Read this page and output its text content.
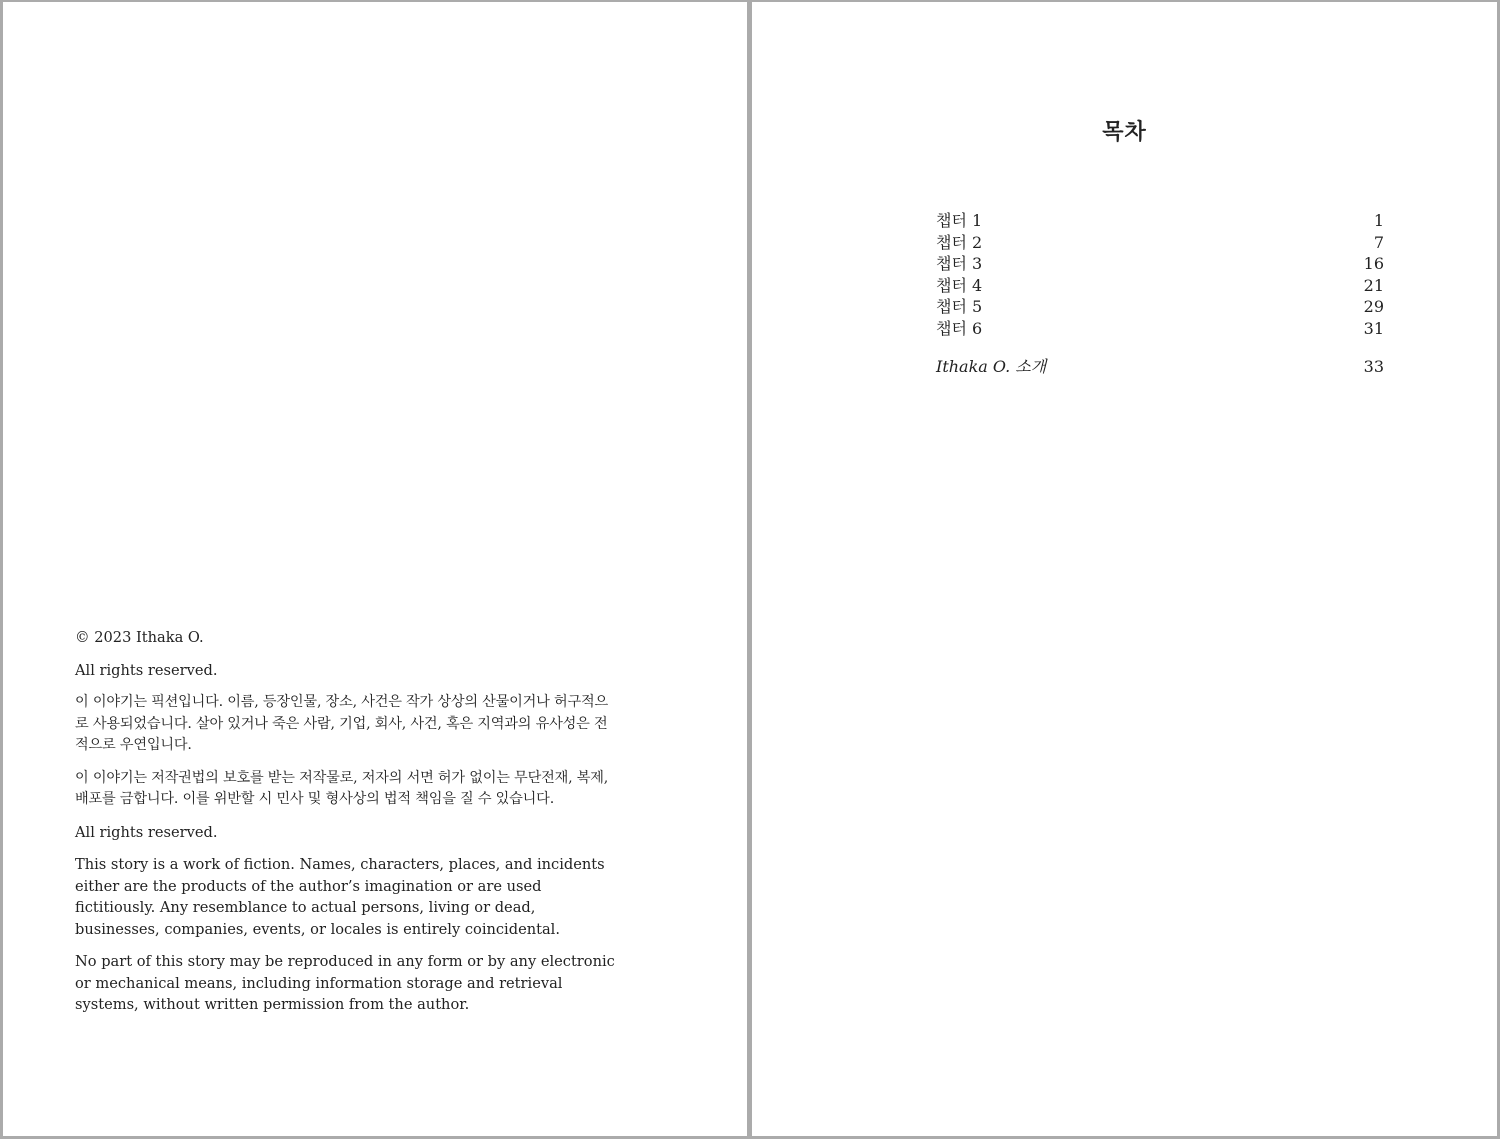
© 2023 Ithaka O.

All rights reserved.

이 이야기는 픽션입니다. 이름, 등장인물, 장소, 사건은 작가 상상의 산물이거나 허구적으로 사용되었습니다. 살아 있거나 죽은 사람, 기업, 회사, 사건, 혹은 지역과의 유사성은 전적으로 우연입니다.

이 이야기는 저작권법의 보호를 받는 저작물로, 저자의 서면 허가 없이는 무단전재, 복제, 배포를 금합니다. 이를 위반할 시 민사 및 형사상의 법적 책임을 질 수 있습니다.

All rights reserved.

This story is a work of fiction. Names, characters, places, and incidents either are the products of the author’s imagination or are used fictitiously. Any resemblance to actual persons, living or dead, businesses, companies, events, or locales is entirely coincidental.

No part of this story may be reproduced in any form or by any electronic or mechanical means, including information storage and retrieval systems, without written permission from the author.

목차
챕터 1	1
챕터 2	7
챕터 3	16
챕터 4	21
챕터 5	29
챕터 6	31
Ithaka O. 소개	33
